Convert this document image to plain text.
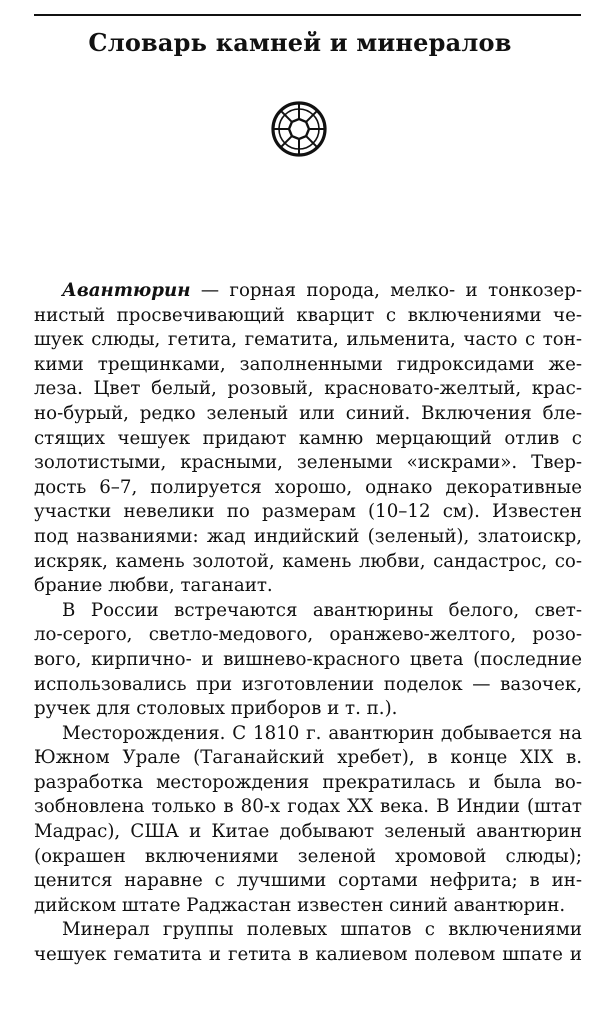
Словарь камней и минералов
Авантюрин — горная порода, мелко- и тонкозер-
нистый просвечивающий кварцит с включениями че-
шуек слюды, гетита, гематита, ильменита, часто с тон-
кими трещинками, заполненными гидроксидами же-
леза. Цвет белый, розовый, красновато-желтый, крас-
но-бурый, редко зеленый или синий. Включения бле-
стящих чешуек придают камню мерцающий отлив с
золотистыми, красными, зелеными «искрами». Твер-
дость 6–7, полируется хорошо, однако декоративные
участки невелики по размерам (10–12 см). Известен
под названиями: жад индийский (зеленый), златоискр,
искряк, камень золотой, камень любви, сандастрос, со-
брание любви, таганаит.
В России встречаются авантюрины белого, свет-
ло-серого, светло-медового, оранжево-желтого, розо-
вого, кирпично- и вишнево-красного цвета (последние
использовались при изготовлении поделок — вазочек,
ручек для столовых приборов и т. п.).
Месторождения. С 1810 г. авантюрин добывается на
Южном Урале (Таганайский хребет), в конце XIX в.
разработка месторождения прекратилась и была во-
зобновлена только в 80-х годах XX века. В Индии (штат
Мадрас), США и Китае добывают зеленый авантюрин
(окрашен включениями зеленой хромовой слюды);
ценится наравне с лучшими сортами нефрита; в ин-
дийском штате Раджастан известен синий авантюрин.
Минерал группы полевых шпатов с включениями
чешуек гематита и гетита в калиевом полевом шпате и
